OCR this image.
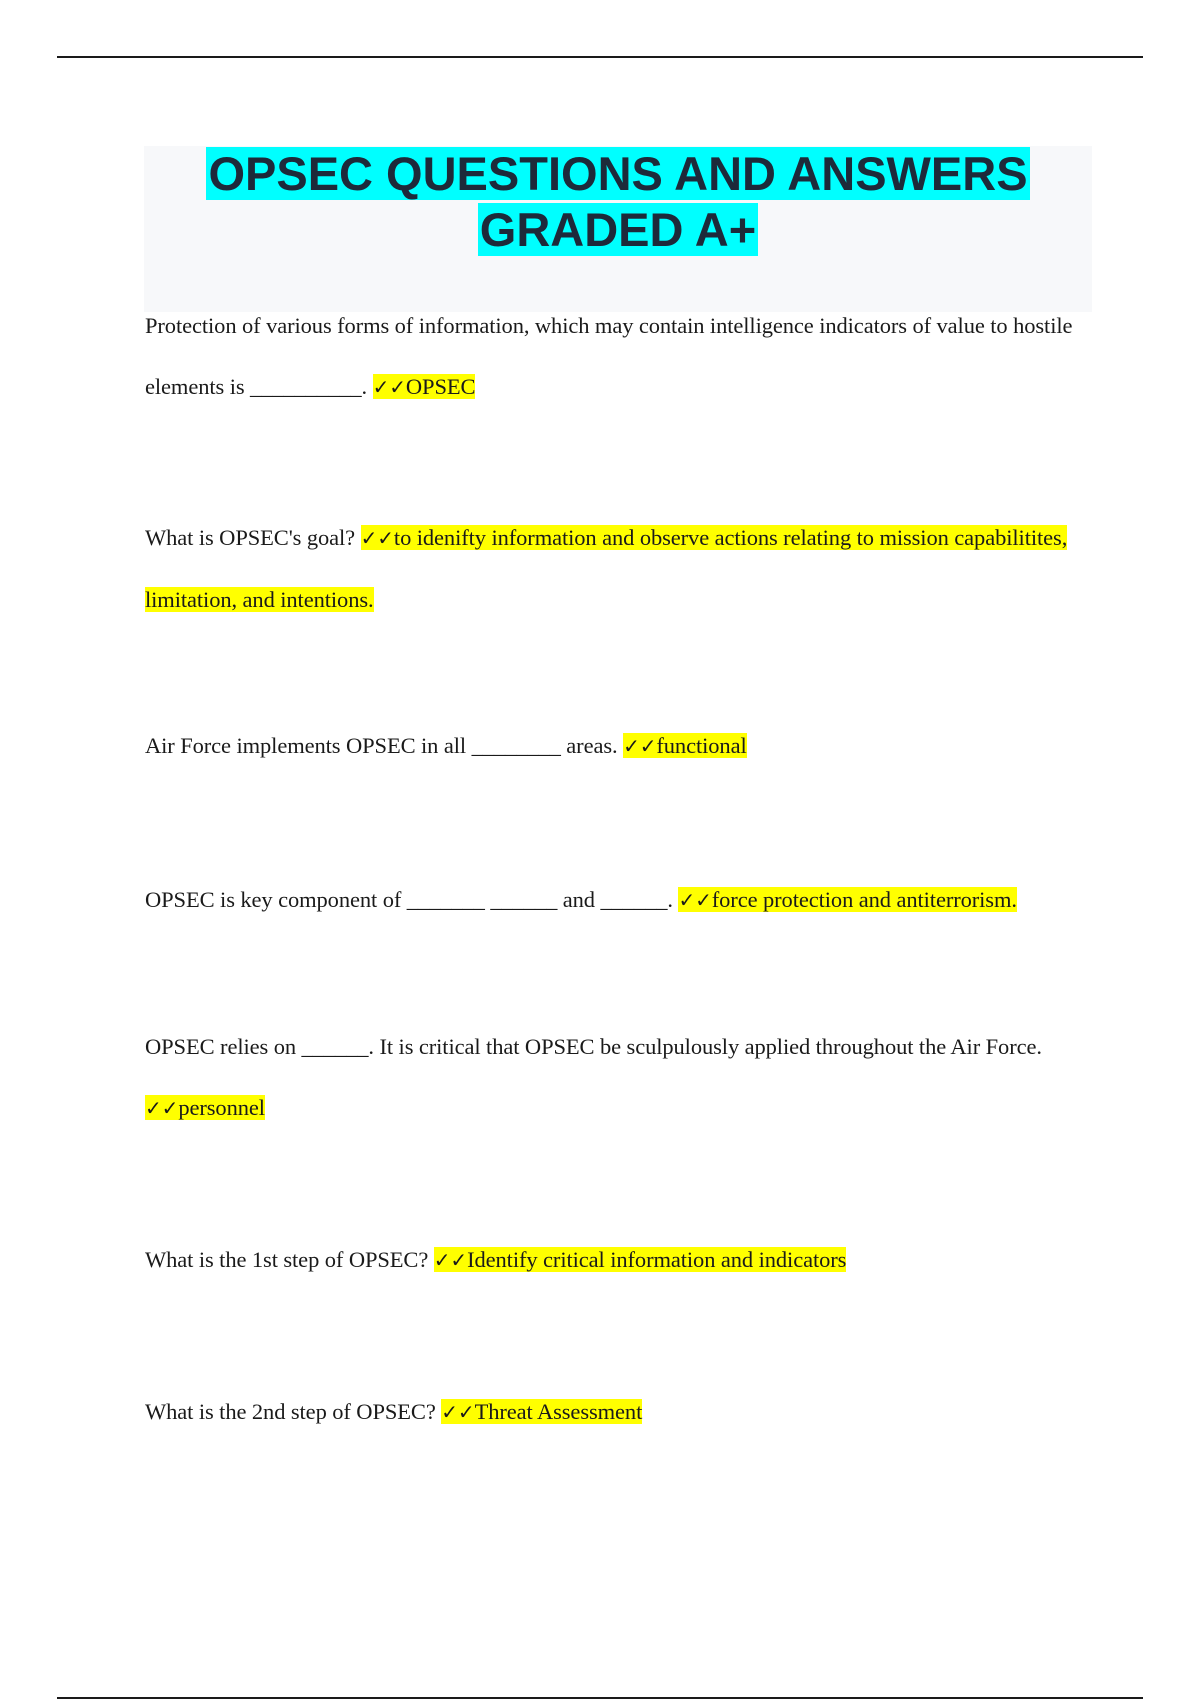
OPSEC QUESTIONS AND ANSWERS
GRADED A+

Protection of various forms of information, which may contain intelligence indicators of value to hostile elements is __________. ✓✓OPSEC

What is OPSEC's goal? ✓✓to idenifty information and observe actions relating to mission capabilitites, limitation, and intentions.

Air Force implements OPSEC in all ________ areas. ✓✓functional

OPSEC is key component of _______ ______ and ______. ✓✓force protection and antiterrorism.

OPSEC relies on ______. It is critical that OPSEC be sculpulously applied throughout the Air Force. ✓✓personnel

What is the 1st step of OPSEC? ✓✓Identify critical information and indicators

What is the 2nd step of OPSEC? ✓✓Threat Assessment
